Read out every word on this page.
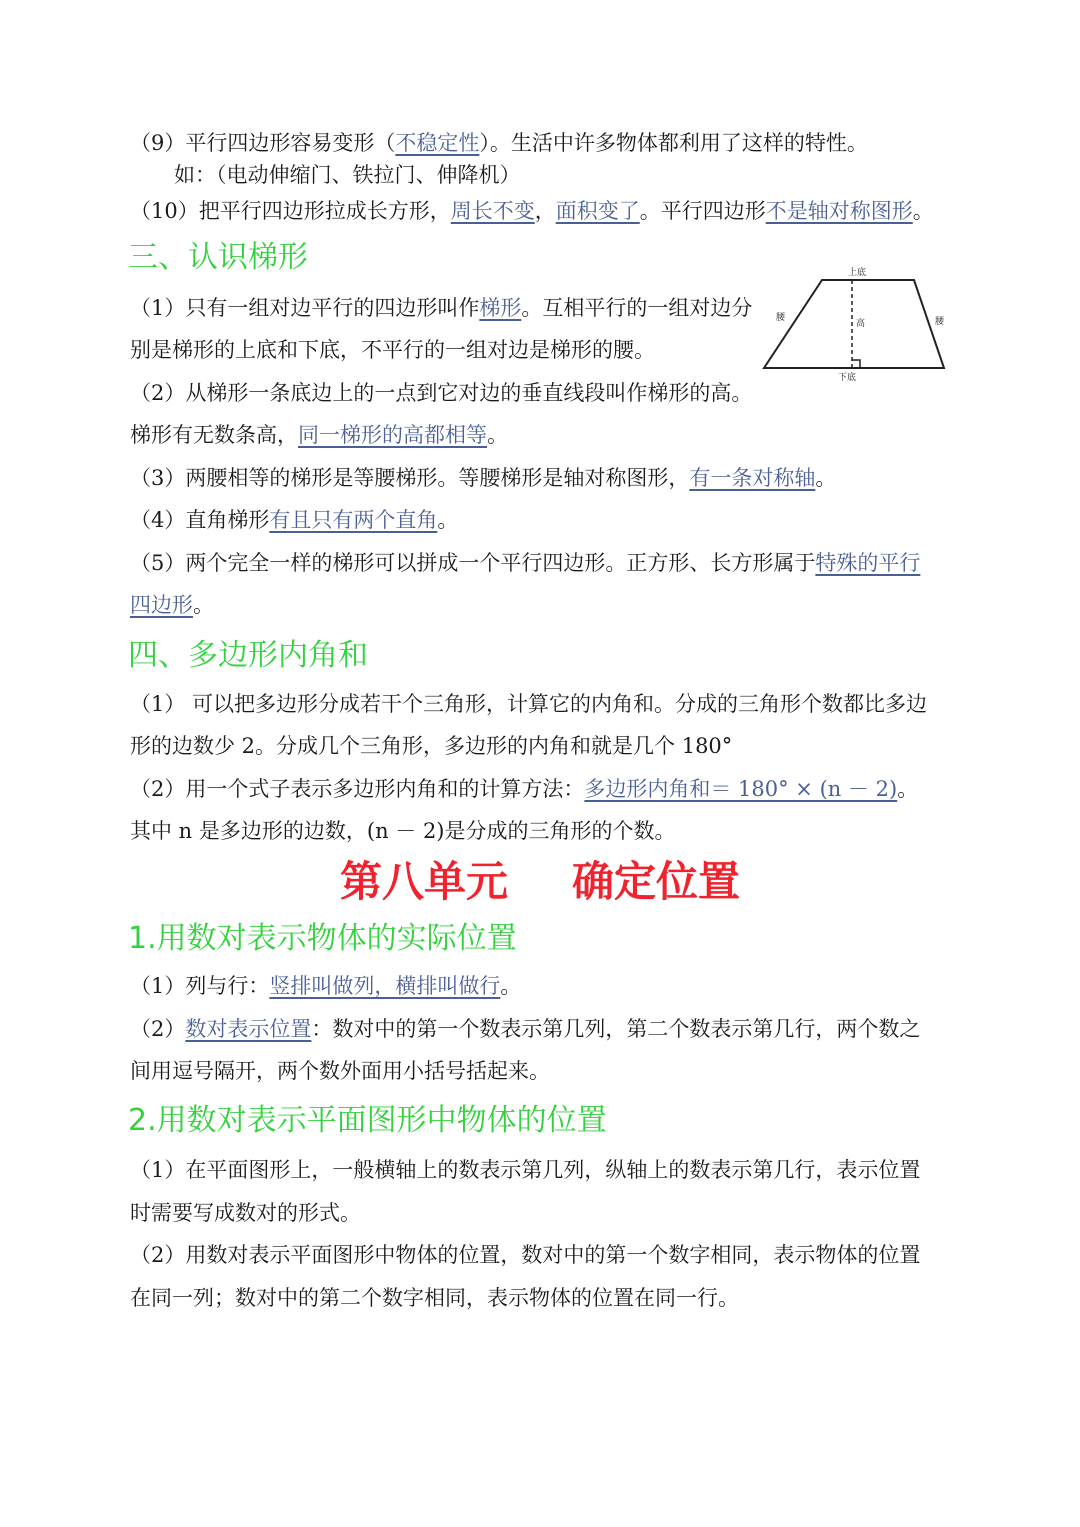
（9）平行四边形容易变形（不稳定性）。生活中许多物体都利用了这样的特性。
如：（电动伸缩门、铁拉门、伸降机）
（10）把平行四边形拉成长方形，周长不变，面积变了。平行四边形不是轴对称图形。
三、认识梯形	上底
下底
高
腰	腰
（1）只有一组对边平行的四边形叫作梯形。互相平行的一组对边分
别是梯形的上底和下底，不平行的一组对边是梯形的腰。
（2）从梯形一条底边上的一点到它对边的垂直线段叫作梯形的高。
梯形有无数条高，同一梯形的高都相等。
（3）两腰相等的梯形是等腰梯形。等腰梯形是轴对称图形，有一条对称轴。
（4）直角梯形有且只有两个直角。
（5）两个完全一样的梯形可以拼成一个平行四边形。正方形、长方形属于特殊的平行
四边形。
四、多边形内角和
（1） 可以把多边形分成若干个三角形，计算它的内角和。分成的三角形个数都比多边
形的边数少 2。分成几个三角形，多边形的内角和就是几个 180°
（2）用一个式子表示多边形内角和的计算方法：多边形内角和＝ 180° × (n － 2)。
其中 n 是多边形的边数，(n － 2)是分成的三角形的个数。
第八单元 确定位置
1.用数对表示物体的实际位置
（1）列与行：竖排叫做列，横排叫做行。
（2）数对表示位置：数对中的第一个数表示第几列，第二个数表示第几行，两个数之
间用逗号隔开，两个数外面用小括号括起来。
2.用数对表示平面图形中物体的位置
（1）在平面图形上，一般横轴上的数表示第几列，纵轴上的数表示第几行，表示位置
时需要写成数对的形式。
（2）用数对表示平面图形中物体的位置，数对中的第一个数字相同，表示物体的位置
在同一列；数对中的第二个数字相同，表示物体的位置在同一行。
